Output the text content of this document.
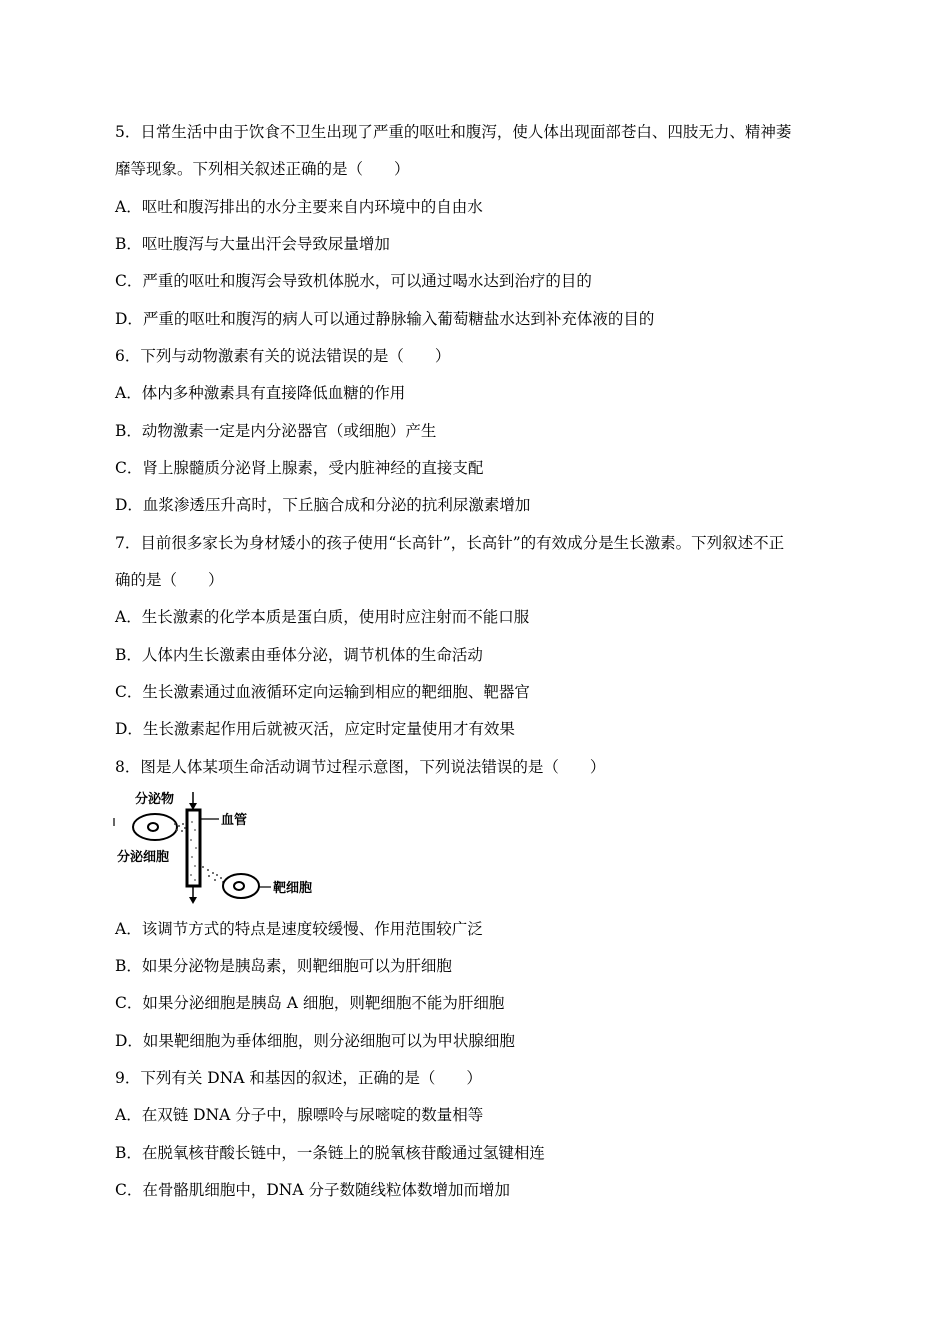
5．日常生活中由于饮食不卫生出现了严重的呕吐和腹泻，使人体出现面部苍白、四肢无力、精神萎
靡等现象。下列相关叙述正确的是（　　）
A．呕吐和腹泻排出的水分主要来自内环境中的自由水
B．呕吐腹泻与大量出汗会导致尿量增加
C．严重的呕吐和腹泻会导致机体脱水，可以通过喝水达到治疗的目的
D．严重的呕吐和腹泻的病人可以通过静脉输入葡萄糖盐水达到补充体液的目的
6．下列与动物激素有关的说法错误的是（　　）
A．体内多种激素具有直接降低血糖的作用
B．动物激素一定是内分泌器官（或细胞）产生
C．肾上腺髓质分泌肾上腺素，受内脏神经的直接支配
D．血浆渗透压升高时，下丘脑合成和分泌的抗利尿激素增加
7．目前很多家长为身材矮小的孩子使用“长高针”，长高针”的有效成分是生长激素。下列叙述不正
确的是（　　）
A．生长激素的化学本质是蛋白质，使用时应注射而不能口服
B．人体内生长激素由垂体分泌，调节机体的生命活动
C．生长激素通过血液循环定向运输到相应的靶细胞、靶器官
D．生长激素起作用后就被灭活，应定时定量使用才有效果
8．图是人体某项生命活动调节过程示意图，下列说法错误的是（　　）
分泌物
血管
分泌细胞
靶细胞
A．该调节方式的特点是速度较缓慢、作用范围较广泛
B．如果分泌物是胰岛素，则靶细胞可以为肝细胞
C．如果分泌细胞是胰岛 A 细胞，则靶细胞不能为肝细胞
D．如果靶细胞为垂体细胞，则分泌细胞可以为甲状腺细胞
9．下列有关 DNA 和基因的叙述，正确的是（　　）
A．在双链 DNA 分子中，腺嘌呤与尿嘧啶的数量相等
B．在脱氧核苷酸长链中，一条链上的脱氧核苷酸通过氢键相连
C．在骨骼肌细胞中，DNA 分子数随线粒体数增加而增加
